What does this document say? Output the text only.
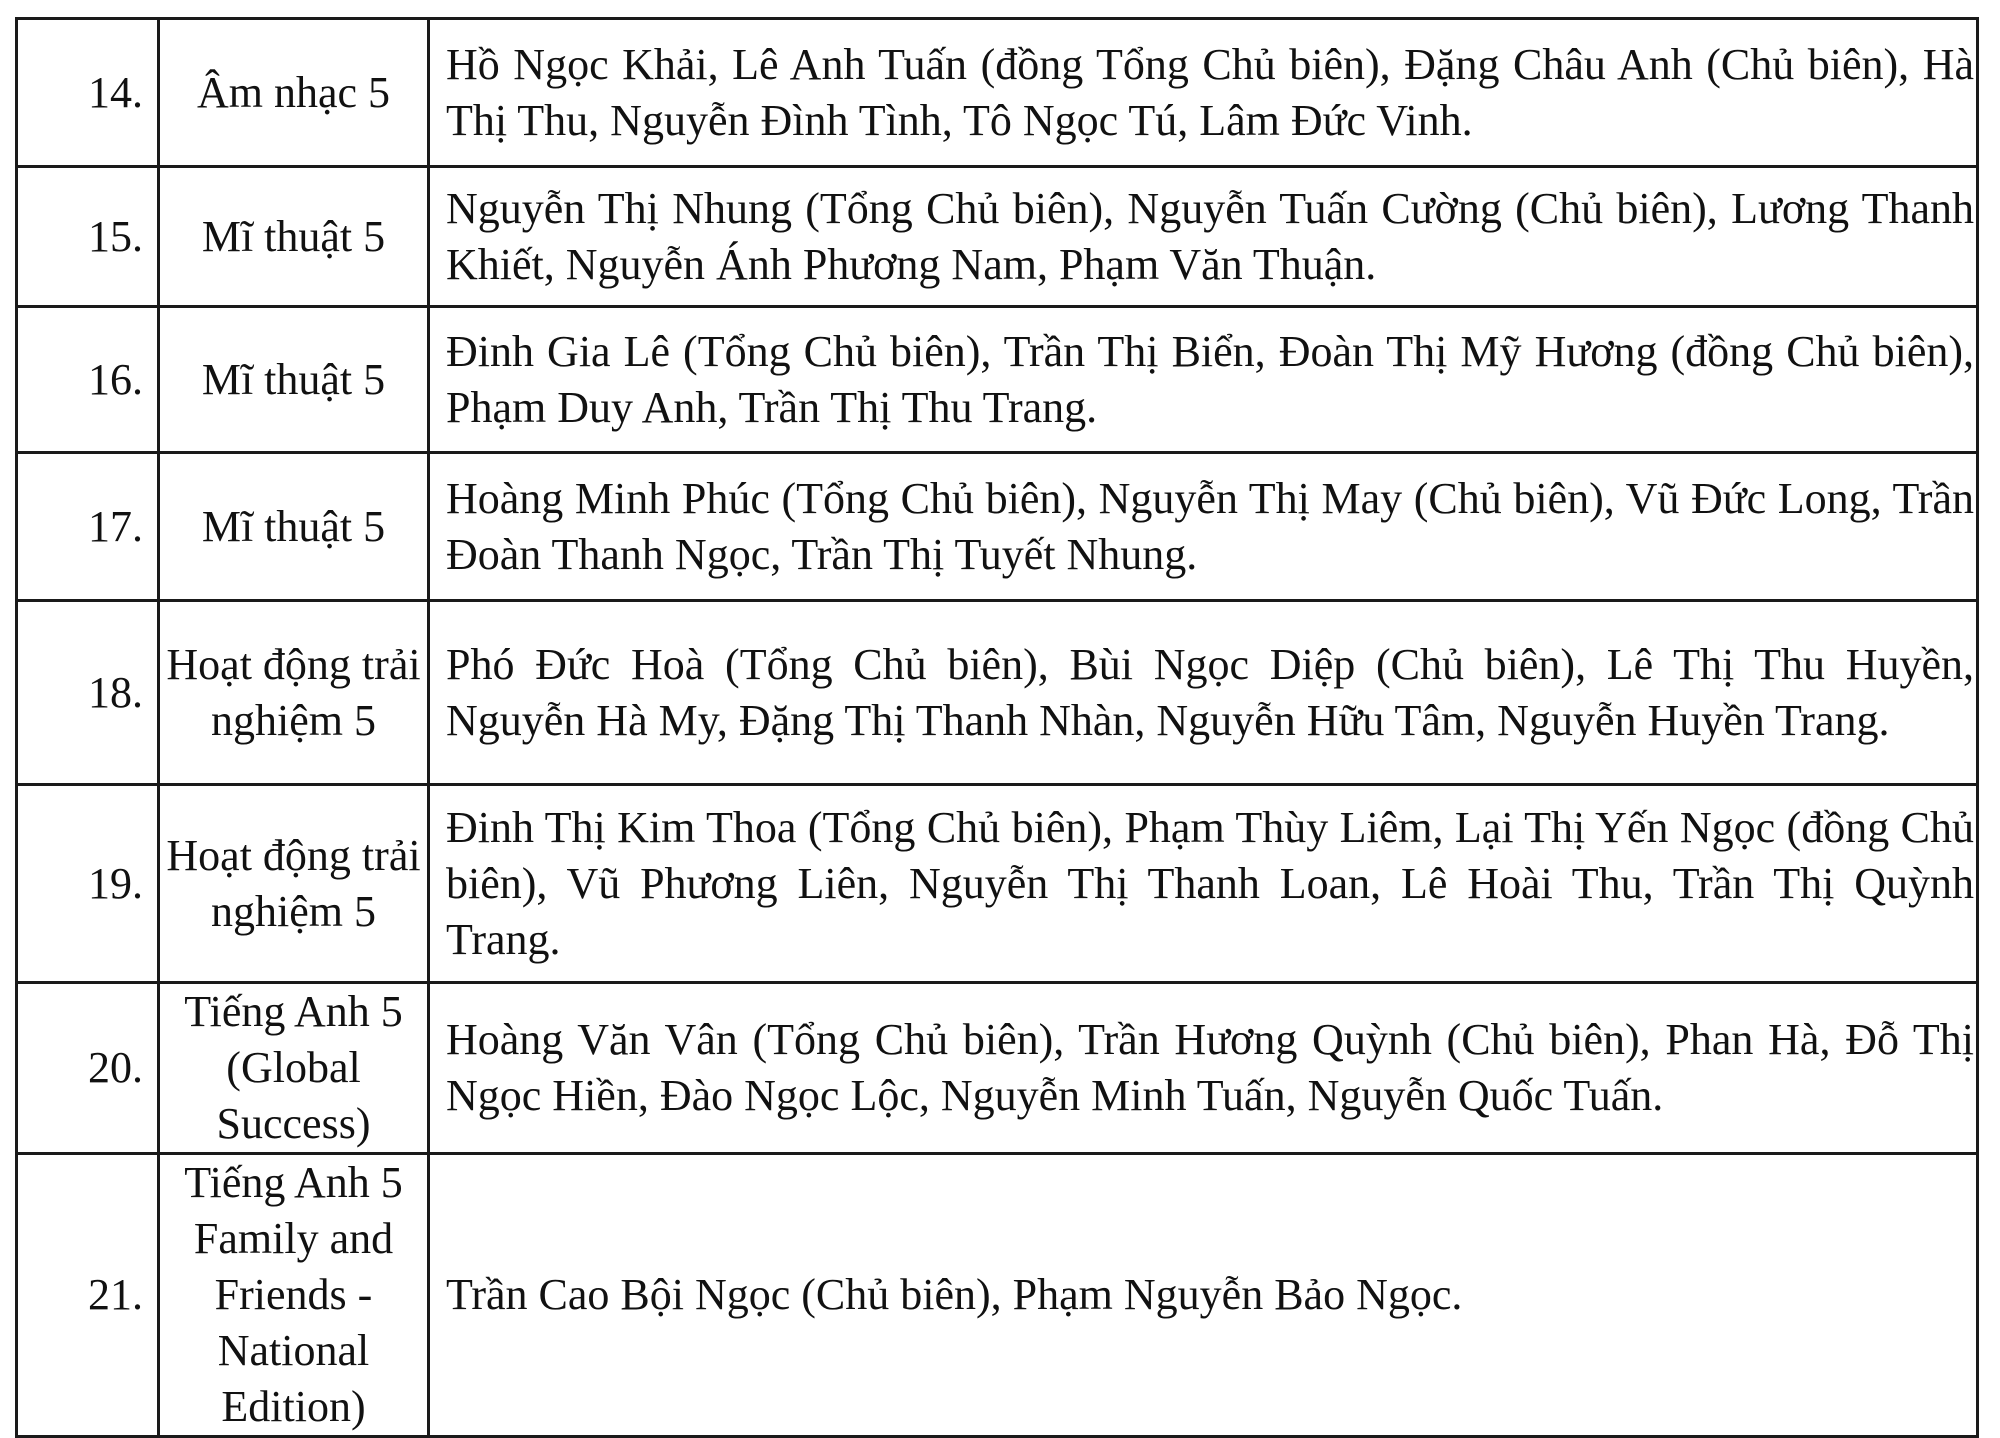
14.	Âm nhạc 5	Hồ Ngọc Khải, Lê Anh Tuấn (đồng Tổng Chủ biên), Đặng Châu Anh (Chủ biên), Hà Thị Thu, Nguyễn Đình Tình, Tô Ngọc Tú, Lâm Đức Vinh.
15.	Mĩ thuật 5	Nguyễn Thị Nhung (Tổng Chủ biên), Nguyễn Tuấn Cường (Chủ biên), Lương Thanh Khiết, Nguyễn Ánh Phương Nam, Phạm Văn Thuận.
16.	Mĩ thuật 5	Đinh Gia Lê (Tổng Chủ biên), Trần Thị Biển, Đoàn Thị Mỹ Hương (đồng Chủ biên), Phạm Duy Anh, Trần Thị Thu Trang.
17.	Mĩ thuật 5	Hoàng Minh Phúc (Tổng Chủ biên), Nguyễn Thị May (Chủ biên), Vũ Đức Long, Trần Đoàn Thanh Ngọc, Trần Thị Tuyết Nhung.
18.	Hoạt động trải nghiệm 5	Phó Đức Hoà (Tổng Chủ biên), Bùi Ngọc Diệp (Chủ biên), Lê Thị Thu Huyền, Nguyễn Hà My, Đặng Thị Thanh Nhàn, Nguyễn Hữu Tâm, Nguyễn Huyền Trang.
19.	Hoạt động trải nghiệm 5	Đinh Thị Kim Thoa (Tổng Chủ biên), Phạm Thùy Liêm, Lại Thị Yến Ngọc (đồng Chủ biên), Vũ Phương Liên, Nguyễn Thị Thanh Loan, Lê Hoài Thu, Trần Thị Quỳnh Trang.
20.	Tiếng Anh 5 (Global Success)	Hoàng Văn Vân (Tổng Chủ biên), Trần Hương Quỳnh (Chủ biên), Phan Hà, Đỗ Thị Ngọc Hiền, Đào Ngọc Lộc, Nguyễn Minh Tuấn, Nguyễn Quốc Tuấn.
21.	Tiếng Anh 5 Family and Friends - National Edition)	Trần Cao Bội Ngọc (Chủ biên), Phạm Nguyễn Bảo Ngọc.
